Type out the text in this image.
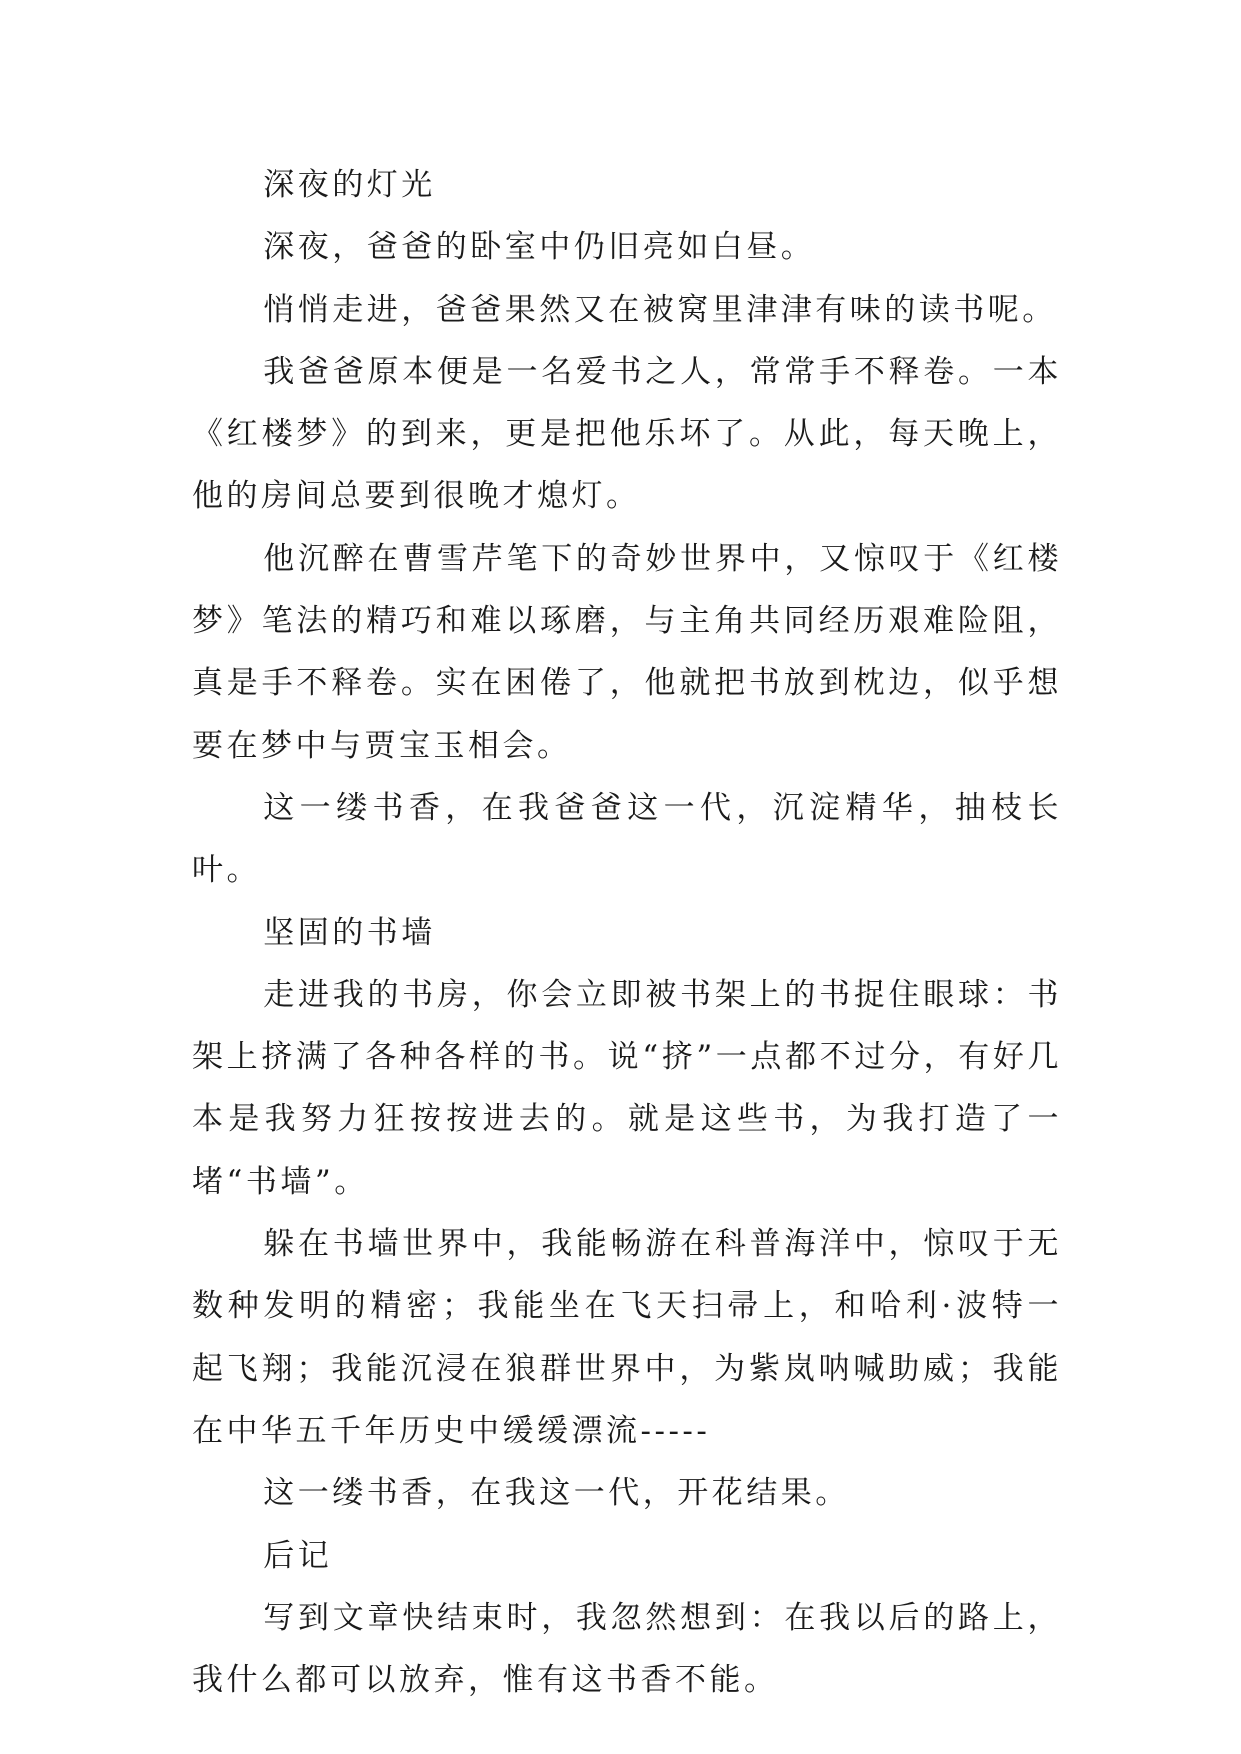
深夜的灯光

深夜，爸爸的卧室中仍旧亮如白昼。

悄悄走进，爸爸果然又在被窝里津津有味的读书呢。

我爸爸原本便是一名爱书之人，常常手不释卷。一本《红楼梦》的到来，更是把他乐坏了。从此，每天晚上，他的房间总要到很晚才熄灯。

他沉醉在曹雪芹笔下的奇妙世界中，又惊叹于《红楼梦》笔法的精巧和难以琢磨，与主角共同经历艰难险阻，真是手不释卷。实在困倦了，他就把书放到枕边，似乎想要在梦中与贾宝玉相会。

这一缕书香，在我爸爸这一代，沉淀精华，抽枝长叶。

坚固的书墙

走进我的书房，你会立即被书架上的书捉住眼球：书架上挤满了各种各样的书。说“挤”一点都不过分，有好几本是我努力狂按按进去的。就是这些书，为我打造了一堵“书墙”。

躲在书墙世界中，我能畅游在科普海洋中，惊叹于无数种发明的精密；我能坐在飞天扫帚上，和哈利·波特一起飞翔；我能沉浸在狼群世界中，为紫岚呐喊助威；我能在中华五千年历史中缓缓漂流-----

这一缕书香，在我这一代，开花结果。

后记

写到文章快结束时，我忽然想到：在我以后的路上，我什么都可以放弃，惟有这书香不能。
